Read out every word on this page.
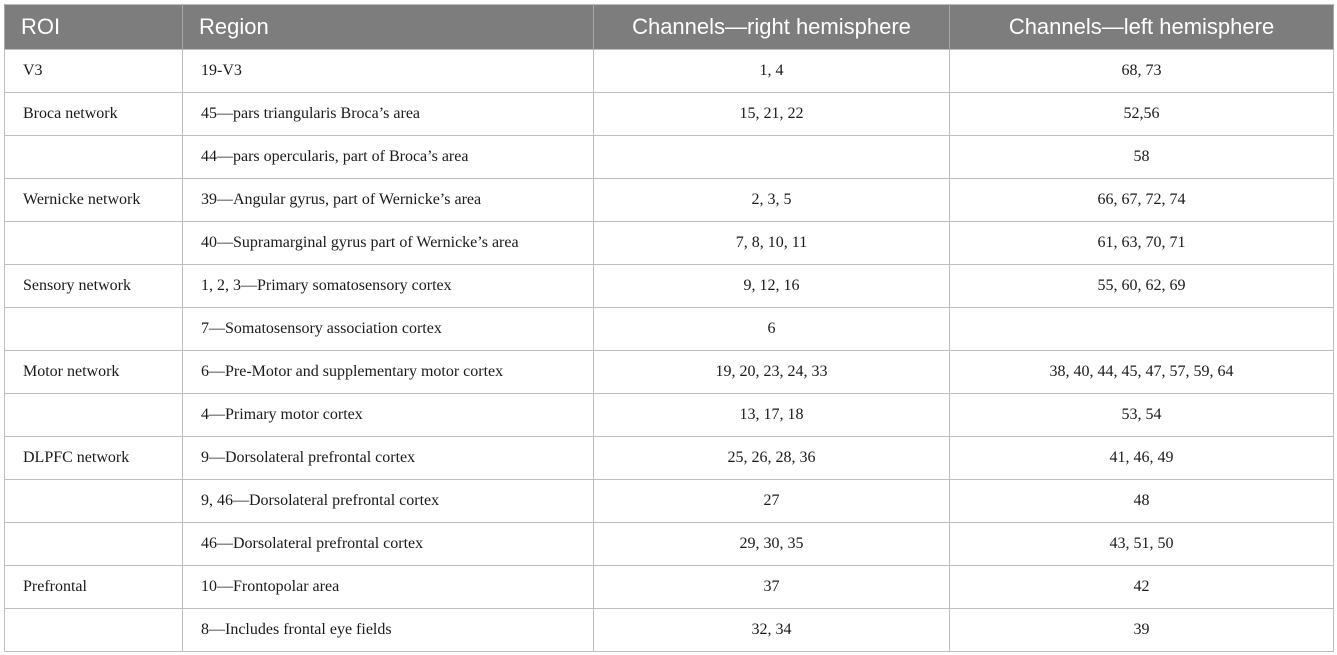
ROI	Region	Channels—right hemisphere	Channels—left hemisphere
V3	19-V3	1, 4	68, 73
Broca network	45—pars triangularis Broca’s area	15, 21, 22	52,56
	44—pars opercularis, part of Broca’s area		58
Wernicke network	39—Angular gyrus, part of Wernicke’s area	2, 3, 5	66, 67, 72, 74
	40—Supramarginal gyrus part of Wernicke’s area	7, 8, 10, 11	61, 63, 70, 71
Sensory network	1, 2, 3—Primary somatosensory cortex	9, 12, 16	55, 60, 62, 69
	7—Somatosensory association cortex	6	
Motor network	6—Pre-Motor and supplementary motor cortex	19, 20, 23, 24, 33	38, 40, 44, 45, 47, 57, 59, 64
	4—Primary motor cortex	13, 17, 18	53, 54
DLPFC network	9—Dorsolateral prefrontal cortex	25, 26, 28, 36	41, 46, 49
	9, 46—Dorsolateral prefrontal cortex	27	48
	46—Dorsolateral prefrontal cortex	29, 30, 35	43, 51, 50
Prefrontal	10—Frontopolar area	37	42
	8—Includes frontal eye fields	32, 34	39
